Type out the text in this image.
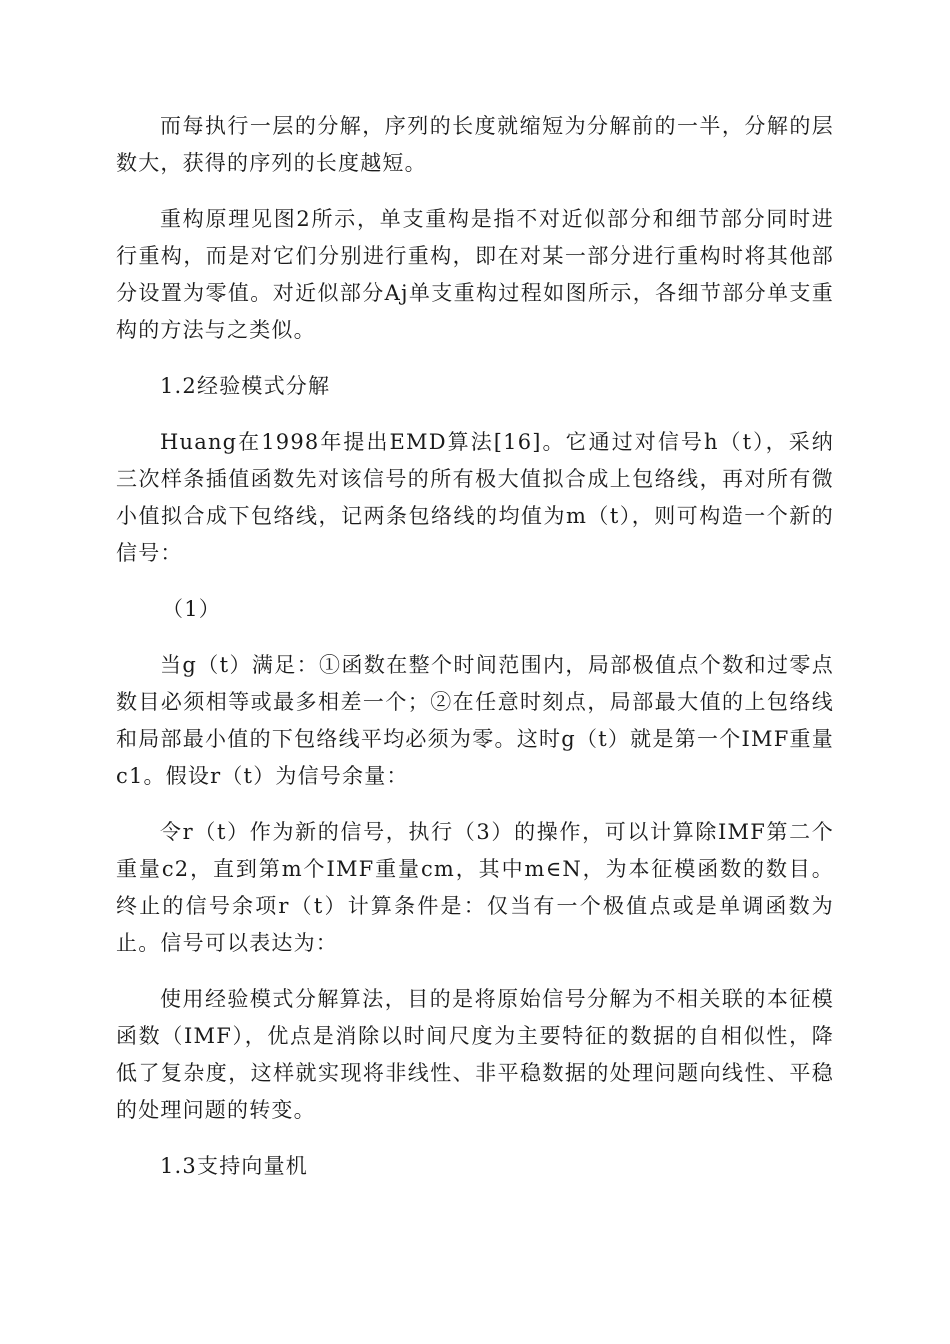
而每执行一层的分解，序列的长度就缩短为分解前的一半，分解的层数大，获得的序列的长度越短。

重构原理见图2所示，单支重构是指不对近似部分和细节部分同时进行重构，而是对它们分别进行重构，即在对某一部分进行重构时将其他部分设置为零值。对近似部分Aj单支重构过程如图所示，各细节部分单支重构的方法与之类似。

1.2经验模式分解

Huang在1998年提出EMD算法[16]。它通过对信号h（t），采纳三次样条插值函数先对该信号的所有极大值拟合成上包络线，再对所有微小值拟合成下包络线，记两条包络线的均值为m（t），则可构造一个新的信号：

（1）

当g（t）满足：①函数在整个时间范围内，局部极值点个数和过零点数目必须相等或最多相差一个；②在任意时刻点，局部最大值的上包络线和局部最小值的下包络线平均必须为零。这时g（t）就是第一个IMF重量c1。假设r（t）为信号余量：

令r（t）作为新的信号，执行（3）的操作，可以计算除IMF第二个重量c2，直到第m个IMF重量cm，其中m∈N，为本征模函数的数目。终止的信号余项r（t）计算条件是：仅当有一个极值点或是单调函数为止。信号可以表达为：

使用经验模式分解算法，目的是将原始信号分解为不相关联的本征模函数（IMF），优点是消除以时间尺度为主要特征的数据的自相似性，降低了复杂度，这样就实现将非线性、非平稳数据的处理问题向线性、平稳的处理问题的转变。

1.3支持向量机
